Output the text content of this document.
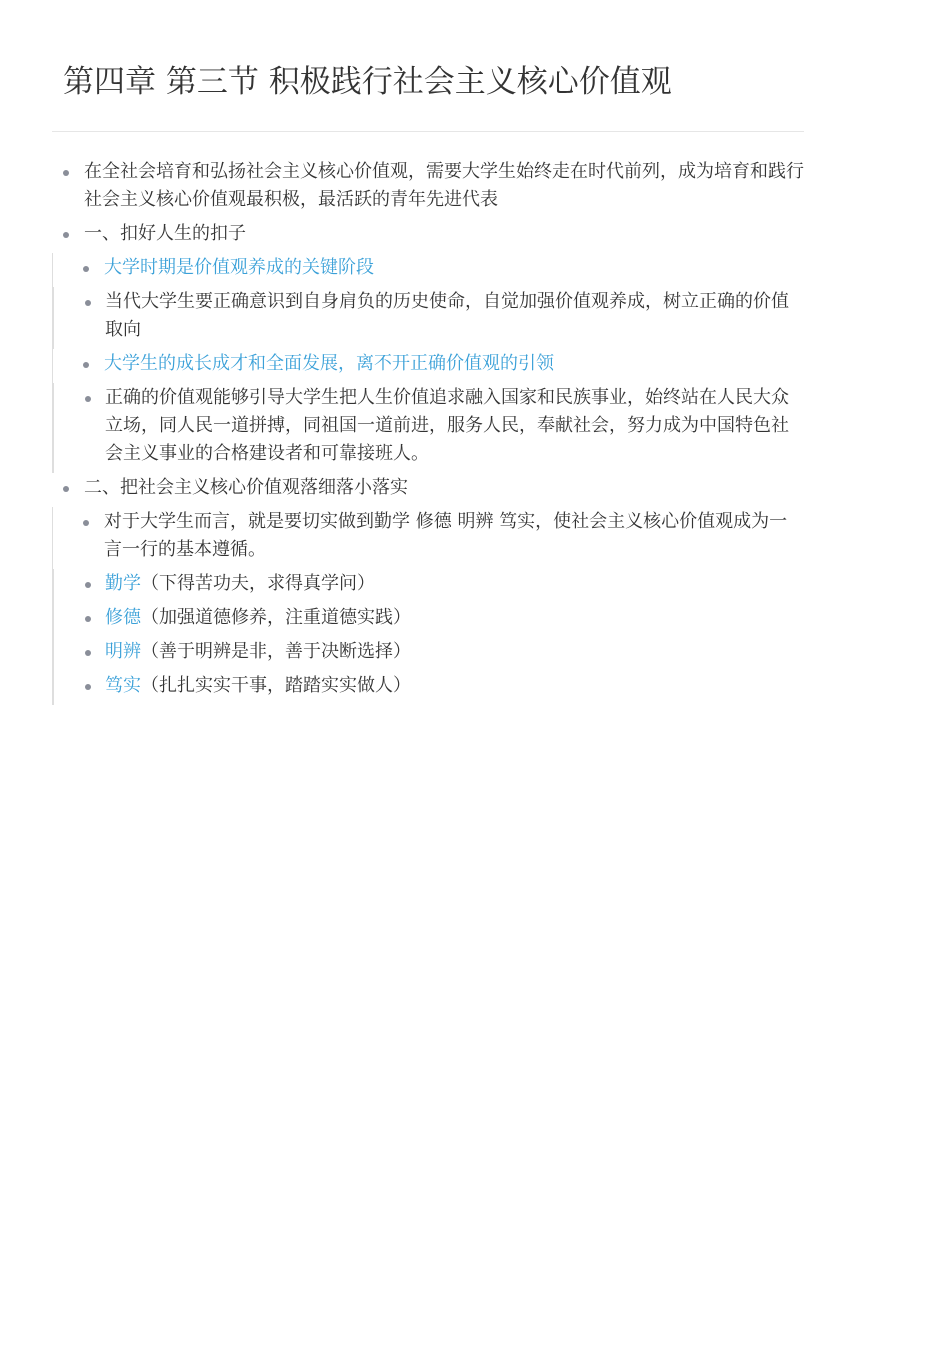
第四章 第三节 积极践行社会主义核心价值观
在全社会培育和弘扬社会主义核心价值观，需要大学生始终走在时代前列，成为培育和践行社会主义核心价值观最积极，最活跃的青年先进代表
一、扣好人生的扣子
大学时期是价值观养成的关键阶段
当代大学生要正确意识到自身肩负的历史使命，自觉加强价值观养成，树立正确的价值取向
大学生的成长成才和全面发展，离不开正确价值观的引领
正确的价值观能够引导大学生把人生价值追求融入国家和民族事业，始终站在人民大众立场，同人民一道拼搏，同祖国一道前进，服务人民，奉献社会，努力成为中国特色社会主义事业的合格建设者和可靠接班人。
二、把社会主义核心价值观落细落小落实
对于大学生而言，就是要切实做到勤学 修德 明辨 笃实，使社会主义核心价值观成为一言一行的基本遵循。
勤学（下得苦功夫，求得真学问）
修德（加强道德修养，注重道德实践）
明辨（善于明辨是非，善于决断选择）
笃实（扎扎实实干事，踏踏实实做人）
